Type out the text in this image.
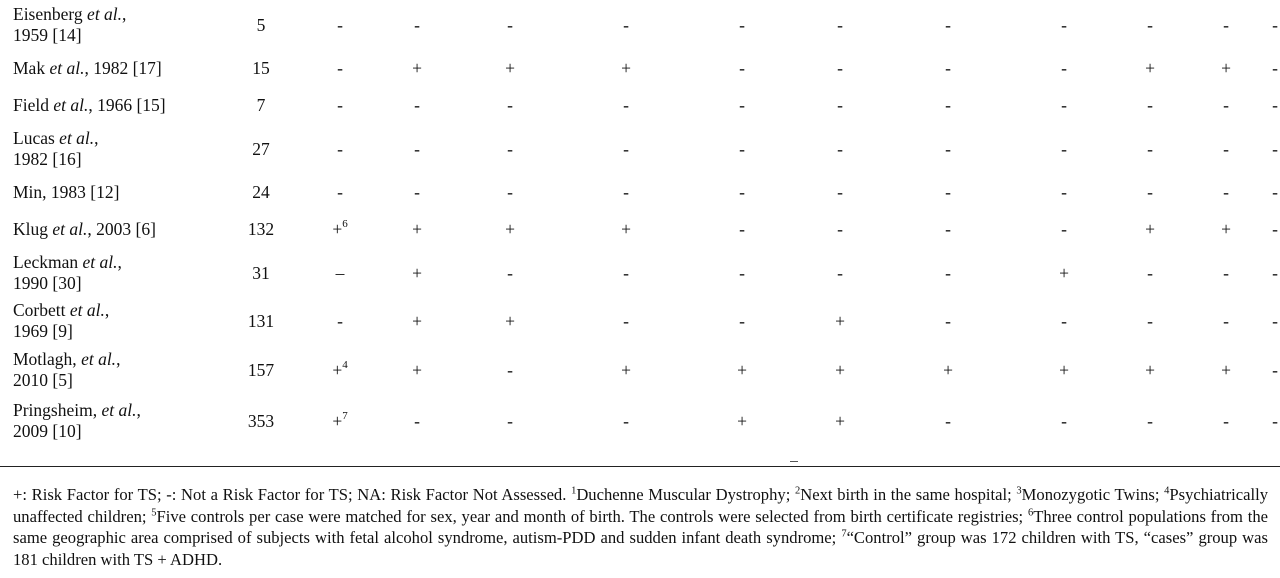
Eisenberg et al.,
1959 [14]	5	-	-	-	-	-	-	-	-	-	-	-	
Mak et al., 1982 [17]	15	-	+	+	+	-	-	-	-	+	+	-	
Field et al., 1966 [15]	7	-	-	-	-	-	-	-	-	-	-	-	
Lucas et al.,
1982 [16]	27	-	-	-	-	-	-	-	-	-	-	-	
Min, 1983 [12]	24	-	-	-	-	-	-	-	-	-	-	-	
Klug et al., 2003 [6]	132	+$^6$	+	+	+	-	-	-	-	+	+	-	
Leckman et al.,
1990 [30]	31	–	+	-	-	-	-	-	+	-	-	-	
Corbett et al.,
1969 [9]	131	-	+	+	-	-	+	-	-	-	-	-	
Motlagh, et al.,
2010 [5]	157	+$^4$	+	-	+	+	+	+	+	+	+	-	
Pringsheim, et al.,
2009 [10]	353	+$^7$	-	-	-	+	+	-	-	-	-	-	
+: Risk Factor for TS; -: Not a Risk Factor for TS; NA: Risk Factor Not Assessed. $^1$Duchenne Muscular Dystrophy; $^2$Next birth in the same hospital; $^3$Monozygotic Twins; $^4$Psychiatrically unaffected children; $^5$Five controls per case were matched for sex, year and month of birth. The controls were selected from birth certificate registries; $^6$Three control populations from the same geographic area comprised of subjects with fetal alcohol syndrome, autism-PDD and sudden infant death syndrome; $^7$“Control” group was 172 children with TS, “cases” group was 181 children with TS + ADHD.
